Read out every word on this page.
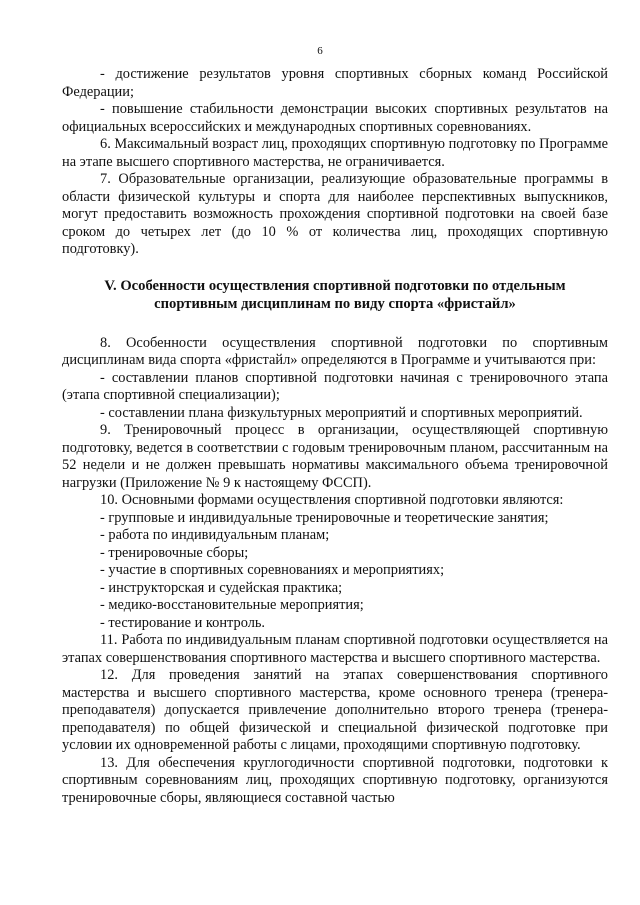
6

- достижение результатов уровня спортивных сборных команд Российской Федерации;

- повышение стабильности демонстрации высоких спортивных результатов на официальных всероссийских и международных спортивных соревнованиях.

6. Максимальный возраст лиц, проходящих спортивную подготовку по Программе на этапе высшего спортивного мастерства, не ограничивается.

7. Образовательные организации, реализующие образовательные программы в области физической культуры и спорта для наиболее перспективных выпускников, могут предоставить возможность прохождения спортивной подготовки на своей базе сроком до четырех лет (до 10 % от количества лиц, проходящих спортивную подготовку).

V. Особенности осуществления спортивной подготовки по отдельным
спортивным дисциплинам по виду спорта «фристайл»

8. Особенности осуществления спортивной подготовки по спортивным дисциплинам вида спорта «фристайл» определяются в Программе и учитываются при:

- составлении планов спортивной подготовки начиная с тренировочного этапа (этапа спортивной специализации);

- составлении плана физкультурных мероприятий и спортивных мероприятий.

9. Тренировочный процесс в организации, осуществляющей спортивную подготовку, ведется в соответствии с годовым тренировочным планом, рассчитанным на 52 недели и не должен превышать нормативы максимального объема тренировочной нагрузки (Приложение № 9 к настоящему ФССП).

10. Основными формами осуществления спортивной подготовки являются:

- групповые и индивидуальные тренировочные и теоретические занятия;
- работа по индивидуальным планам;
- тренировочные сборы;
- участие в спортивных соревнованиях и мероприятиях;
- инструкторская и судейская практика;
- медико-восстановительные мероприятия;
- тестирование и контроль.

11. Работа по индивидуальным планам спортивной подготовки осуществляется на этапах совершенствования спортивного мастерства и высшего спортивного мастерства.

12. Для проведения занятий на этапах совершенствования спортивного мастерства и высшего спортивного мастерства, кроме основного тренера (тренера-преподавателя) допускается привлечение дополнительно второго тренера (тренера-преподавателя) по общей физической и специальной физической подготовке при условии их одновременной работы с лицами, проходящими спортивную подготовку.

13. Для обеспечения круглогодичности спортивной подготовки, подготовки к спортивным соревнованиям лиц, проходящих спортивную подготовку, организуются тренировочные сборы, являющиеся составной частью
